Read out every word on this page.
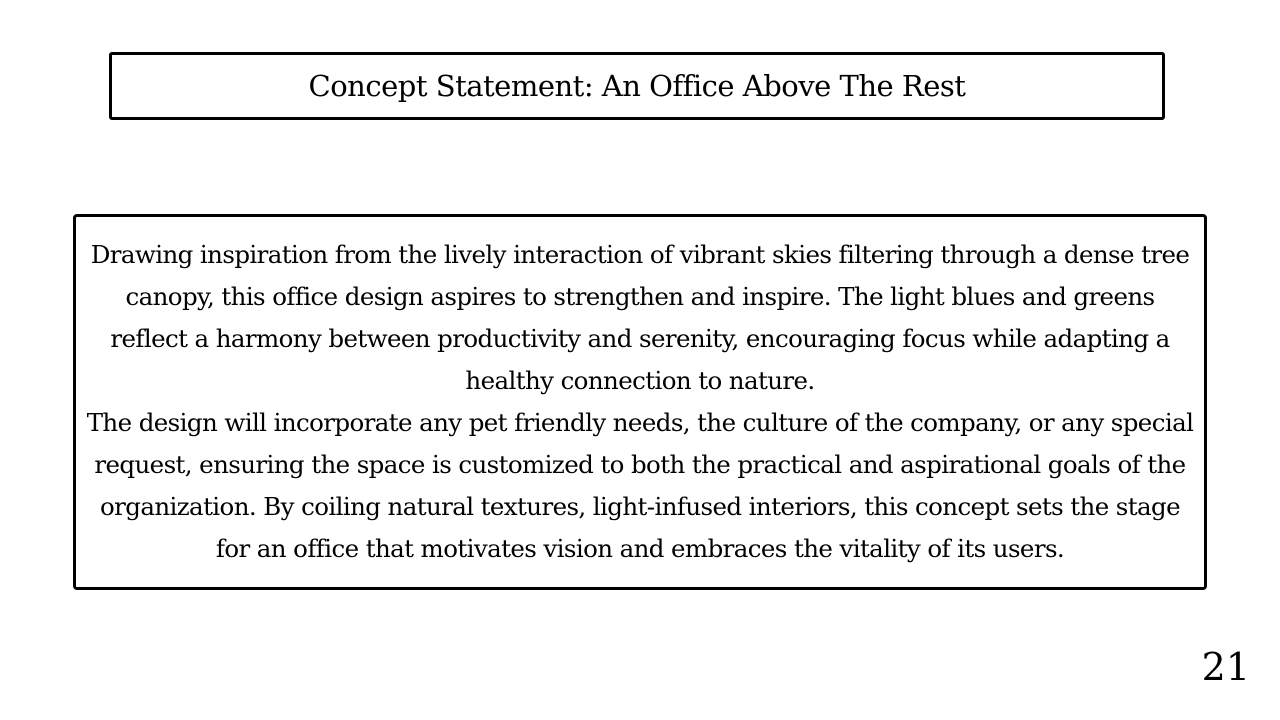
Concept Statement: An Office Above The Rest

Drawing inspiration from the lively interaction of vibrant skies filtering through a dense tree canopy, this office design aspires to strengthen and inspire. The light blues and greens reflect a harmony between productivity and serenity, encouraging focus while adapting a healthy connection to nature.

The design will incorporate any pet friendly needs, the culture of the company, or any special request, ensuring the space is customized to both the practical and aspirational goals of the organization. By coiling natural textures, light-infused interiors, this concept sets the stage for an office that motivates vision and embraces the vitality of its users.

21
